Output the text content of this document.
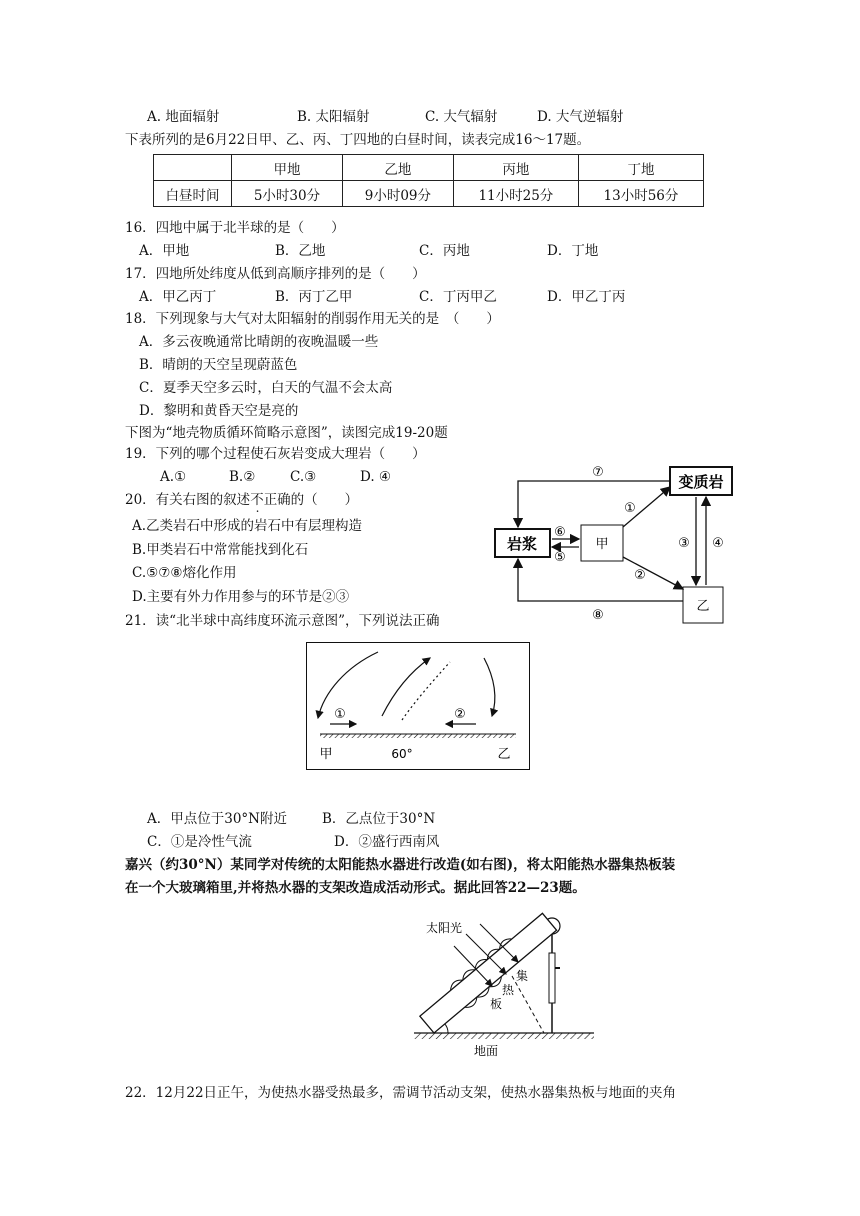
A. 地面辐射	B. 太阳辐射	C. 大气辐射	D. 大气逆辐射
下表所列的是6月22日甲、乙、丙、丁四地的白昼时间，读表完成16～17题。
	甲地	乙地	丙地	丁地
白昼时间	5小时30分	9小时09分	11小时25分	13小时56分
16．四地中属于北半球的是（　　）
A．甲地	B．乙地	C．丙地	D．丁地
17．四地所处纬度从低到高顺序排列的是（　　）
A．甲乙丙丁	B．丙丁乙甲	C．丁丙甲乙	D．甲乙丁丙
18．下列现象与大气对太阳辐射的削弱作用无关的是　（　　）
A．多云夜晚通常比晴朗的夜晚温暖一些
B．晴朗的天空呈现蔚蓝色
C．夏季天空多云时，白天的气温不会太高
D．黎明和黄昏天空是亮的
下图为“地壳物质循环简略示意图”，读图完成19-20题
19．下列的哪个过程使石灰岩变成大理岩（　　）
A.①	B.②	C.③	D. ④
20．有关右图的叙述不正确的（　　）
A.乙类岩石中形成的岩石中有层理构造
B.甲类岩石中常常能找到化石
C.⑤⑦⑧熔化作用
D.主要有外力作用参与的环节是②③
岩浆
变质岩
甲
乙
⑦
⑧
⑥
⑤
①
②
③ ④
21．读“北半球中高纬度环流示意图”，下列说法正确
①	②
甲	60°	乙
A．甲点位于30°N附近	B．乙点位于30°N
C．①是冷性气流	D．②盛行西南风
嘉兴（约30°N）某同学对传统的太阳能热水器进行改造(如右图)，将太阳能热水器集热板装
在一个大玻璃箱里,并将热水器的支架改造成活动形式。据此回答22—23题。
地面
太阳光
集
热
板
22．12月22日正午，为使热水器受热最多，需调节活动支架，使热水器集热板与地面的夹角
